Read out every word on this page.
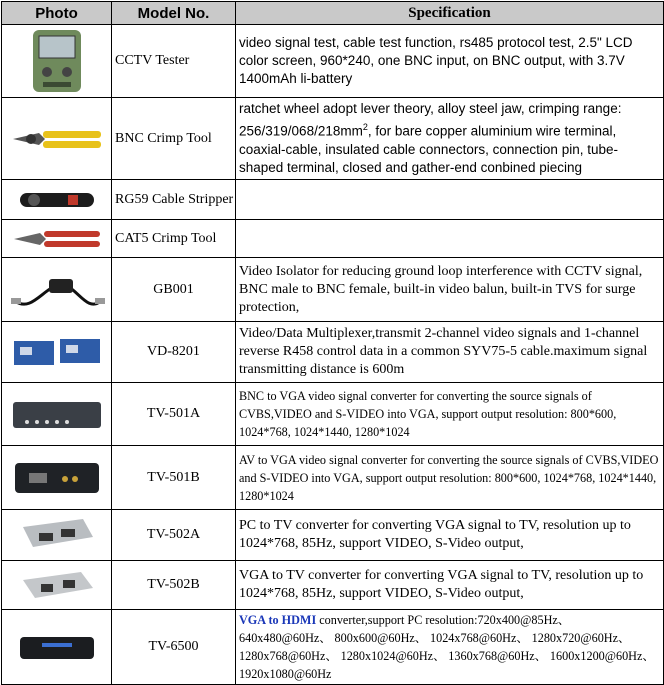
Photo	Model No.	Specification

	CCTV Tester	video signal test, cable test function, rs485 protocol test, 2.5" LCD color screen, 960*240, one BNC input, on BNC output, with 3.7V 1400mAh li-battery

	BNC Crimp Tool	ratchet wheel adopt lever theory, alloy steel jaw, crimping range: $256/319/068/218mm^2$, for bare copper aluminium wire terminal, coaxial-cable, insulated cable connectors, connection pin, tube-shaped terminal, closed and gather-end conbined piecing

	RG59 Cable Stripper	

	CAT5 Crimp Tool	

	GB001	Video Isolator for reducing ground loop interference with CCTV signal, BNC male to BNC female, built-in video balun, built-in TVS for surge protection,

	VD-8201	Video/Data Multiplexer,transmit 2-channel video signals and 1-channel reverse R458 control data in a common SYV75-5 cable.maximum signal transmitting distance is 600m

	TV-501A	BNC to VGA video signal converter for converting the source signals of CVBS,VIDEO and S-VIDEO into VGA, support output resolution: 800*600, 1024*768, 1024*1440, 1280*1024

	TV-501B	AV to VGA video signal converter for converting the source signals of CVBS,VIDEO and S-VIDEO into VGA, support output resolution: 800*600, 1024*768, 1024*1440, 1280*1024

	TV-502A	PC to TV converter for converting VGA signal to TV, resolution up to 1024*768, 85Hz, support VIDEO, S-Video output,

	TV-502B	VGA to TV converter for converting VGA signal to TV, resolution up to 1024*768, 85Hz, support VIDEO, S-Video output,

	TV-6500	VGA to HDMI converter,support PC resolution:720x400@85Hz、640x480@60Hz、 800x600@60Hz、 1024x768@60Hz、 1280x720@60Hz、 1280x768@60Hz、 1280x1024@60Hz、 1360x768@60Hz、 1600x1200@60Hz、 1920x1080@60Hz
